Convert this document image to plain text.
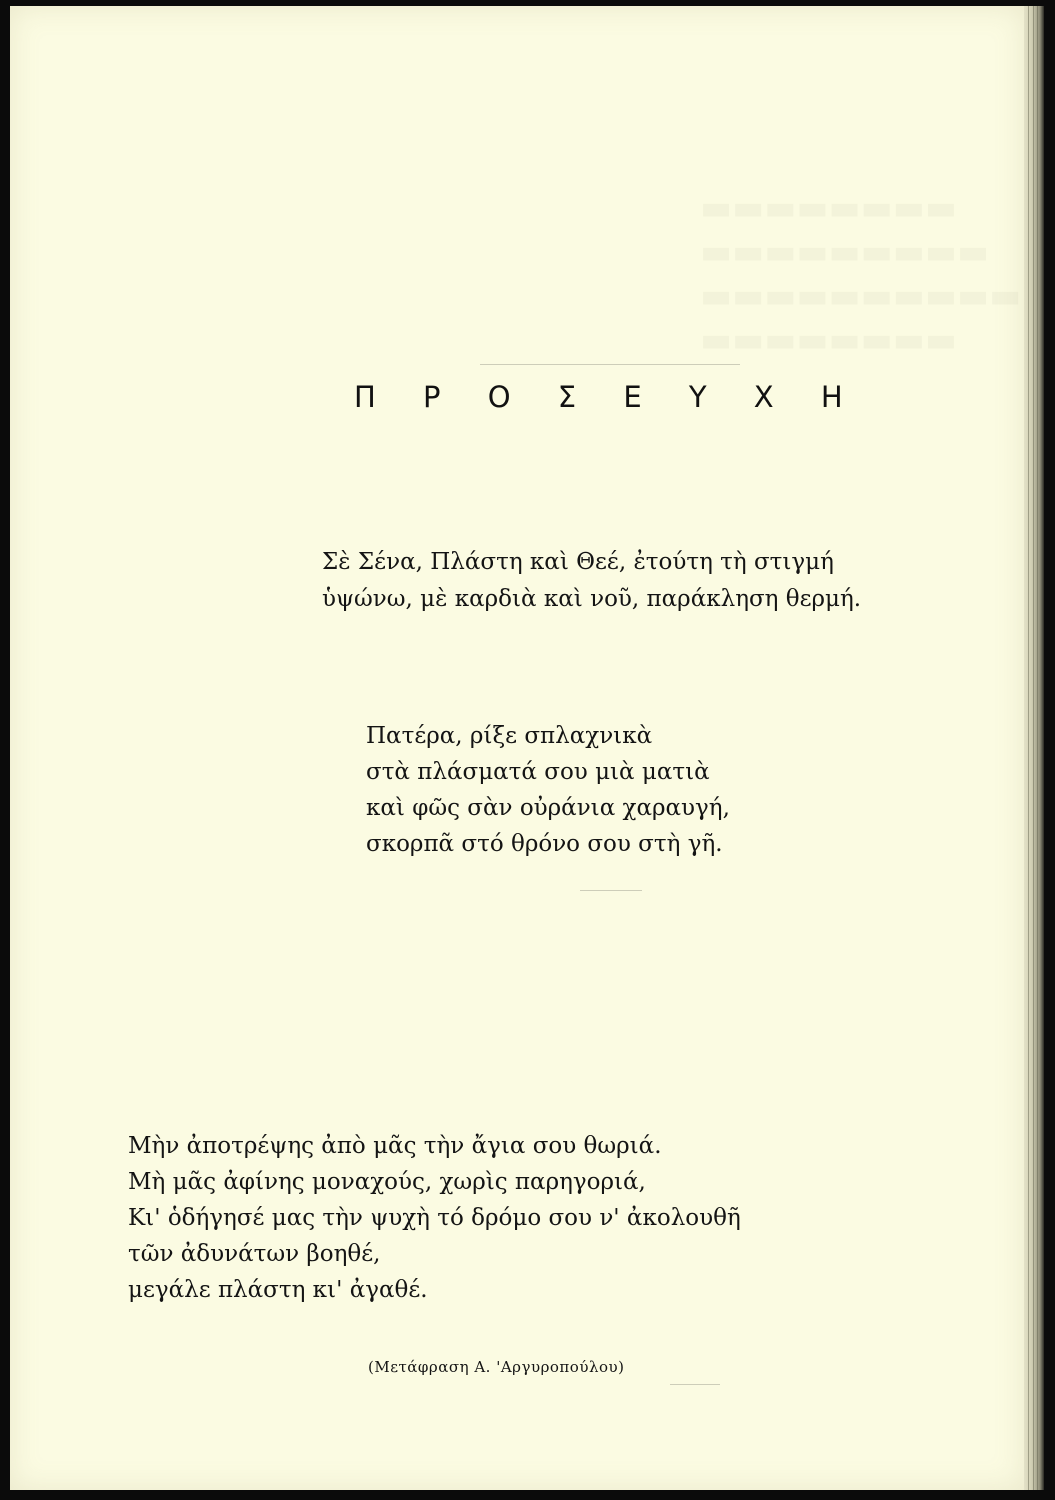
▬▬▬▬▬▬▬▬
▬▬▬▬▬▬▬▬▬
▬▬▬▬▬▬▬▬▬▬
▬▬▬▬▬▬▬▬
Π Ρ Ο Σ Ε Υ Χ Η
Σὲ Σένα, Πλάστη καὶ Θεέ, ἐτούτη τὴ στιγμή
ὑψώνω, μὲ καρδιὰ καὶ νοῦ, παράκληση θερμή.
Πατέρα, ρίξε σπλαχνικὰ
στὰ πλάσματά σου μιὰ ματιὰ
καὶ φῶς σὰν οὐράνια χαραυγή,
σκορπᾶ στό θρόνο σου στὴ γῆ.
Μὴν ἀποτρέψης ἀπὸ μᾶς τὴν ἄγια σου θωριά.
Μὴ μᾶς ἀφίνης μοναχούς, χωρὶς παρηγοριά,
Κι' ὁδήγησέ μας τὴν ψυχὴ τό δρόμο σου ν' ἀκολουθῆ
τῶν ἀδυνάτων βοηθέ,
μεγάλε πλάστη κι' ἀγαθέ.
(Μετάφραση Α. 'Αργυροπούλου)
